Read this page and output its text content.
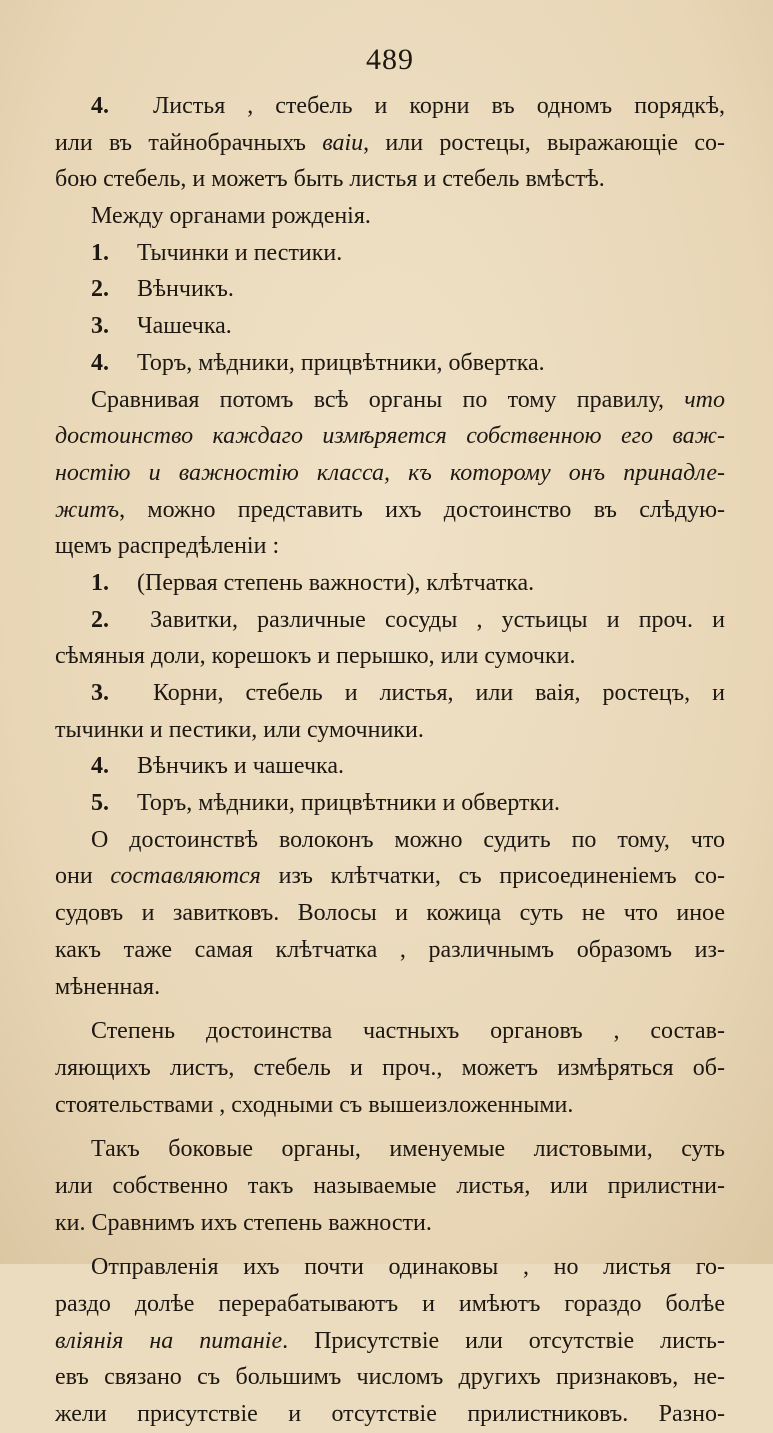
489
4. Листья , стебель и корни въ одномъ порядкѣ,
или въ тайнобрачныхъ ваіи, или ростецы, выражающіе со-
бою стебель, и можетъ быть листья и стебель вмѣстѣ.
Между органами рожденія.
1. Тычинки и пестики.
2. Вѣнчикъ.
3. Чашечка.
4. Торъ, мѣдники, прицвѣтники, обвертка.
Сравнивая потомъ всѣ органы по тому правилу, что
достоинство каждаго измѣряется собственною его важ-
ностію и важностію класса, къ которому онъ принадле-
житъ, можно представить ихъ достоинство въ слѣдую-
щемъ распредѣленіи :
1. (Первая степень важности), клѣтчатка.
2. Завитки, различные сосуды , устьицы и проч. и
сѣмяныя доли, корешокъ и перышко, или сумочки.
3. Корни, стебель и листья, или ваія, ростецъ, и
тычинки и пестики, или сумочники.
4. Вѣнчикъ и чашечка.
5. Торъ, мѣдники, прицвѣтники и обвертки.
О достоинствѣ волоконъ можно судить по тому, что
они составляются изъ клѣтчатки, съ присоединеніемъ со-
судовъ и завитковъ. Волосы и кожица суть не что иное
какъ таже самая клѣтчатка , различнымъ образомъ из-
мѣненная.
Степень достоинства частныхъ органовъ , состав-
ляющихъ листъ, стебель и проч., можетъ измѣряться об-
стоятельствами , сходными съ вышеизложенными.
Такъ боковые органы, именуемые листовыми, суть
или собственно такъ называемые листья, или прилистни-
ки. Сравнимъ ихъ степень важности.
Отправленія ихъ почти одинаковы , но листья го-
раздо долѣе перерабатываютъ и имѣютъ гораздо болѣе
вліянія на питаніе. Присутствіе или отсутствіе листь-
евъ связано съ большимъ числомъ другихъ признаковъ, не-
жели присутствіе и отсутствіе прилистниковъ. Разно-
